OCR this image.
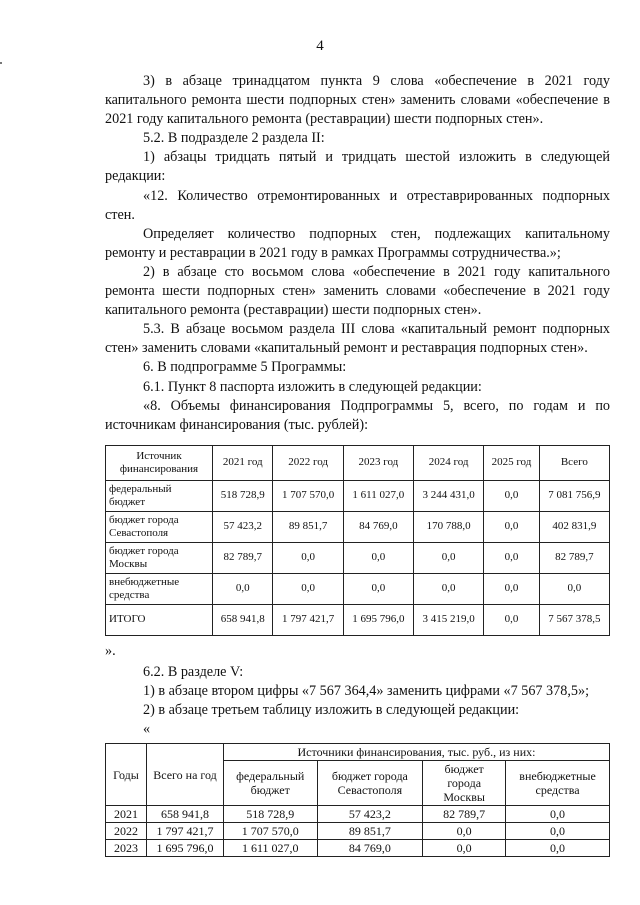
4

3) в абзаце тринадцатом пункта 9 слова «обеспечение в 2021 году капитального ремонта шести подпорных стен» заменить словами «обеспечение в 2021 году капитального ремонта (реставрации) шести подпорных стен».

5.2. В подразделе 2 раздела II:

1) абзацы тридцать пятый и тридцать шестой изложить в следующей редакции:

«12. Количество отремонтированных и отреставрированных подпорных стен.

Определяет количество подпорных стен, подлежащих капитальному ремонту и реставрации в 2021 году в рамках Программы сотрудничества.»;

2) в абзаце сто восьмом слова «обеспечение в 2021 году капитального ремонта шести подпорных стен» заменить словами «обеспечение в 2021 году капитального ремонта (реставрации) шести подпорных стен».

5.3. В абзаце восьмом раздела III слова «капитальный ремонт подпорных стен» заменить словами «капитальный ремонт и реставрация подпорных стен».

6. В подпрограмме 5 Программы:

6.1. Пункт 8 паспорта изложить в следующей редакции:

«8. Объемы финансирования Подпрограммы 5, всего, по годам и по источникам финансирования (тыс. рублей):

Источник финансирования	2021 год	2022 год	2023 год	2024 год	2025 год	Всего
федеральный бюджет	518 728,9	1 707 570,0	1 611 027,0	3 244 431,0	0,0	7 081 756,9
бюджет города Севастополя	57 423,2	89 851,7	84 769,0	170 788,0	0,0	402 831,9
бюджет города Москвы	82 789,7	0,0	0,0	0,0	0,0	82 789,7
внебюджетные средства	0,0	0,0	0,0	0,0	0,0	0,0
ИТОГО	658 941,8	1 797 421,7	1 695 796,0	3 415 219,0	0,0	7 567 378,5

».

6.2. В разделе V:

1) в абзаце втором цифры «7 567 364,4» заменить цифрами «7 567 378,5»;

2) в абзаце третьем таблицу изложить в следующей редакции:

«

Годы	Всего на год	Источники финансирования, тыс. руб., из них:			
		федеральный бюджет	бюджет города Севастополя	бюджет города Москвы	внебюджетные средства
2021	658 941,8	518 728,9	57 423,2	82 789,7	0,0
2022	1 797 421,7	1 707 570,0	89 851,7	0,0	0,0
2023	1 695 796,0	1 611 027,0	84 769,0	0,0	0,0
